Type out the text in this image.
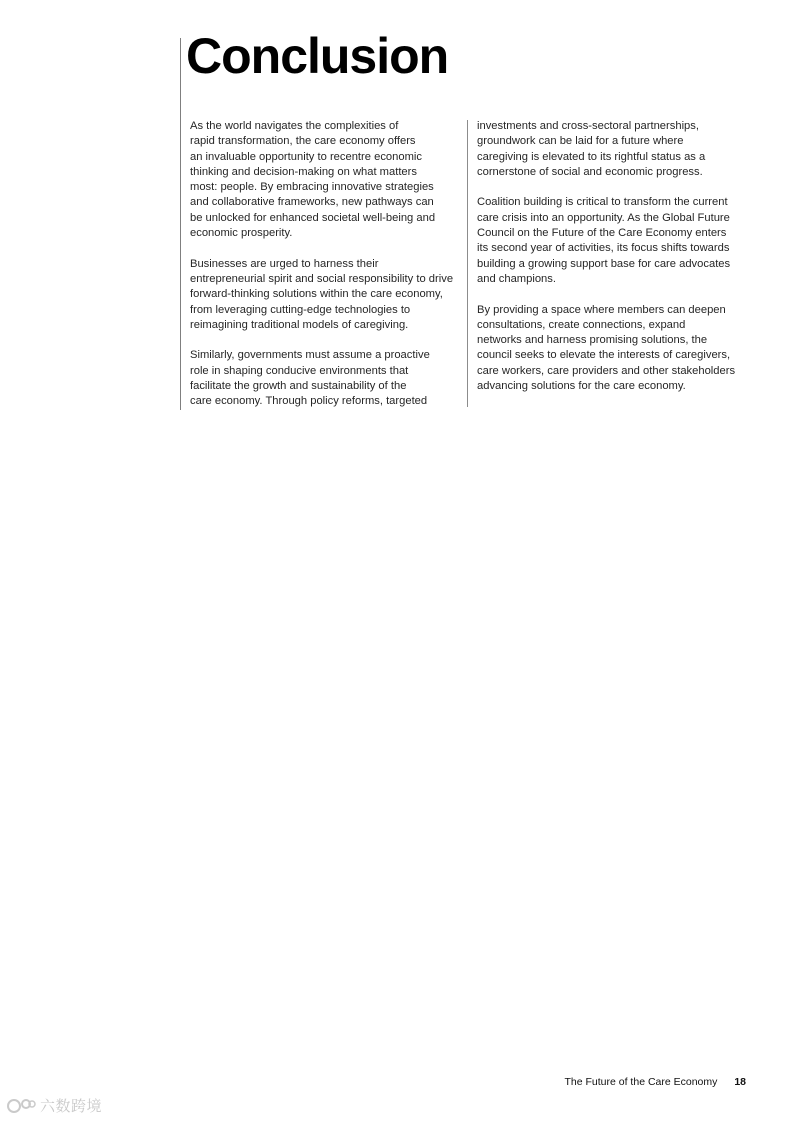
Conclusion

As the world navigates the complexities of
rapid transformation, the care economy offers
an invaluable opportunity to recentre economic
thinking and decision-making on what matters
most: people. By embracing innovative strategies
and collaborative frameworks, new pathways can
be unlocked for enhanced societal well-being and
economic prosperity.

Businesses are urged to harness their
entrepreneurial spirit and social responsibility to drive
forward-thinking solutions within the care economy,
from leveraging cutting-edge technologies to
reimagining traditional models of caregiving.

Similarly, governments must assume a proactive
role in shaping conducive environments that
facilitate the growth and sustainability of the
care economy. Through policy reforms, targeted

investments and cross-sectoral partnerships,
groundwork can be laid for a future where
caregiving is elevated to its rightful status as a
cornerstone of social and economic progress.

Coalition building is critical to transform the current
care crisis into an opportunity. As the Global Future
Council on the Future of the Care Economy enters
its second year of activities, its focus shifts towards
building a growing support base for care advocates
and champions.

By providing a space where members can deepen
consultations, create connections, expand
networks and harness promising solutions, the
council seeks to elevate the interests of caregivers,
care workers, care providers and other stakeholders
advancing solutions for the care economy.

The Future of the Care Economy 18
六数跨境
